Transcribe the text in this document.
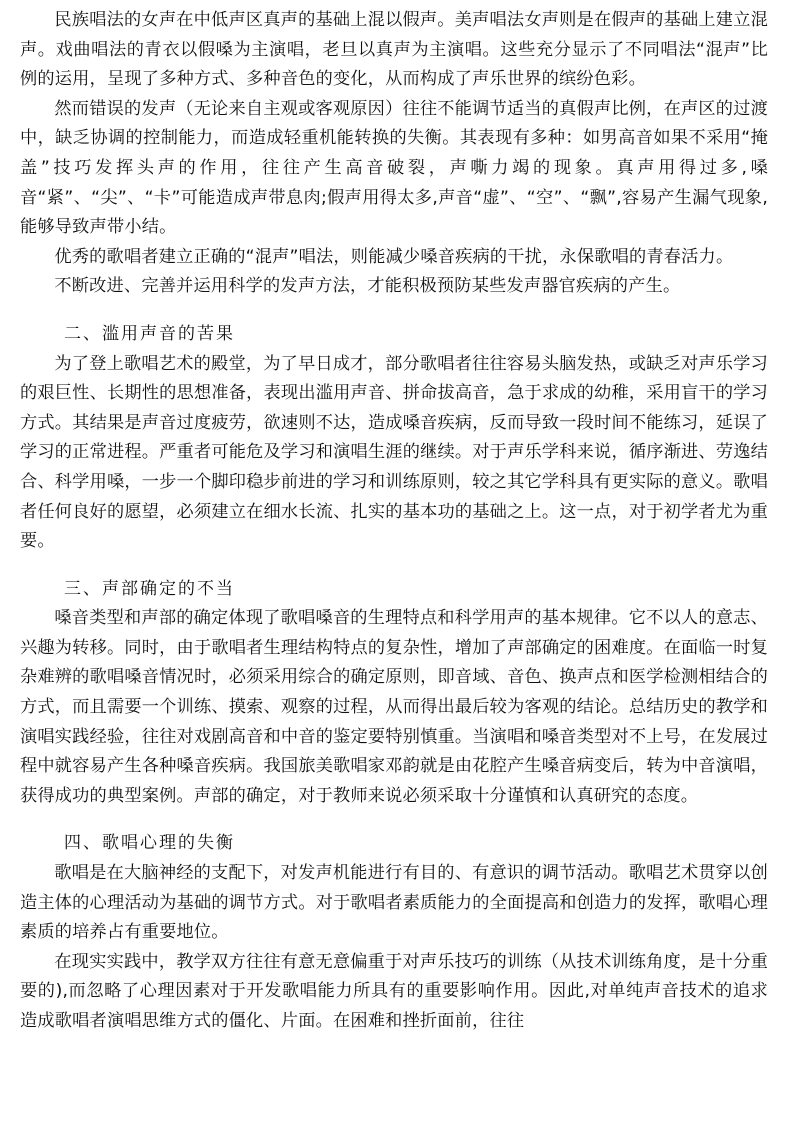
民族唱法的女声在中低声区真声的基础上混以假声。美声唱法女声则是在假声的基础上建立混声。戏曲唱法的青衣以假嗓为主演唱，老旦以真声为主演唱。这些充分显示了不同唱法“混声”比例的运用，呈现了多种方式、多种音色的变化，从而构成了声乐世界的缤纷色彩。

然而错误的发声（无论来自主观或客观原因）往往不能调节适当的真假声比例，在声区的过渡中，缺乏协调的控制能力，而造成轻重机能转换的失衡。其表现有多种：如男高音如果不采用“掩盖”技巧发挥头声的作用，往往产生高音破裂，声嘶力竭的现象。真声用得过多,嗓音“紧”、“尖”、“卡”可能造成声带息肉;假声用得太多,声音“虚”、“空”、“飘”,容易产生漏气现象,能够导致声带小结。

优秀的歌唱者建立正确的“混声”唱法，则能减少嗓音疾病的干扰，永保歌唱的青春活力。

不断改进、完善并运用科学的发声方法，才能积极预防某些发声器官疾病的产生。

二、滥用声音的苦果

为了登上歌唱艺术的殿堂，为了早日成才，部分歌唱者往往容易头脑发热，或缺乏对声乐学习的艰巨性、长期性的思想准备，表现出滥用声音、拼命拔高音，急于求成的幼稚，采用盲干的学习方式。其结果是声音过度疲劳，欲速则不达，造成嗓音疾病，反而导致一段时间不能练习，延误了学习的正常进程。严重者可能危及学习和演唱生涯的继续。对于声乐学科来说，循序渐进、劳逸结合、科学用嗓，一步一个脚印稳步前进的学习和训练原则，较之其它学科具有更实际的意义。歌唱者任何良好的愿望，必须建立在细水长流、扎实的基本功的基础之上。这一点，对于初学者尤为重要。

三、声部确定的不当

嗓音类型和声部的确定体现了歌唱嗓音的生理特点和科学用声的基本规律。它不以人的意志、兴趣为转移。同时，由于歌唱者生理结构特点的复杂性，增加了声部确定的困难度。在面临一时复杂难辨的歌唱嗓音情况时，必须采用综合的确定原则，即音域、音色、换声点和医学检测相结合的方式，而且需要一个训练、摸索、观察的过程，从而得出最后较为客观的结论。总结历史的教学和演唱实践经验，往往对戏剧高音和中音的鉴定要特别慎重。当演唱和嗓音类型对不上号，在发展过程中就容易产生各种嗓音疾病。我国旅美歌唱家邓韵就是由花腔产生嗓音病变后，转为中音演唱，获得成功的典型案例。声部的确定，对于教师来说必须采取十分谨慎和认真研究的态度。

四、歌唱心理的失衡

歌唱是在大脑神经的支配下，对发声机能进行有目的、有意识的调节活动。歌唱艺术贯穿以创造主体的心理活动为基础的调节方式。对于歌唱者素质能力的全面提高和创造力的发挥，歌唱心理素质的培养占有重要地位。

在现实实践中，教学双方往往有意无意偏重于对声乐技巧的训练（从技术训练角度，是十分重要的),而忽略了心理因素对于开发歌唱能力所具有的重要影响作用。因此,对单纯声音技术的追求造成歌唱者演唱思维方式的僵化、片面。在困难和挫折面前，往往
